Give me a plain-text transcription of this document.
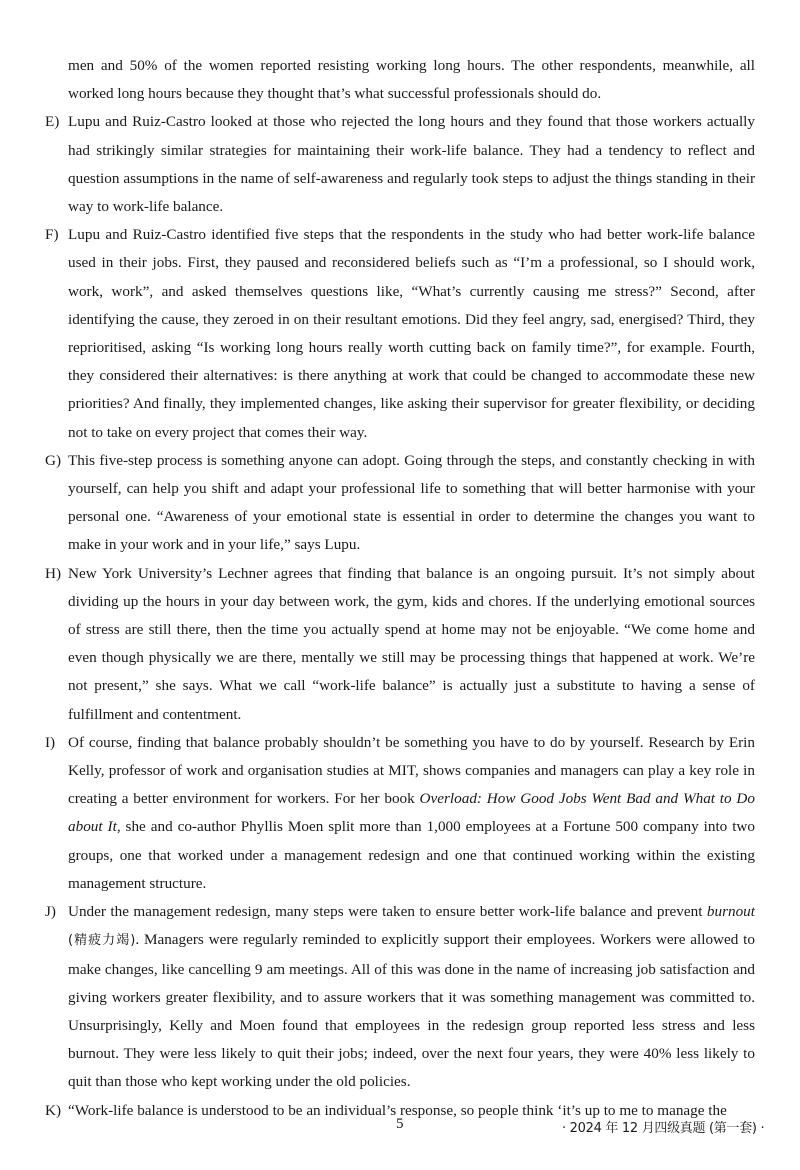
men and 50% of the women reported resisting working long hours. The other respondents, meanwhile, all worked long hours because they thought that’s what successful professionals should do.

E) Lupu and Ruiz-Castro looked at those who rejected the long hours and they found that those workers actually had strikingly similar strategies for maintaining their work-life balance. They had a tendency to reflect and question assumptions in the name of self-awareness and regularly took steps to adjust the things standing in their way to work-life balance.

F) Lupu and Ruiz-Castro identified five steps that the respondents in the study who had better work-life balance used in their jobs. First, they paused and reconsidered beliefs such as “I’m a professional, so I should work, work, work”, and asked themselves questions like, “What’s currently causing me stress?” Second, after identifying the cause, they zeroed in on their resultant emotions. Did they feel angry, sad, energised? Third, they reprioritised, asking “Is working long hours really worth cutting back on family time?”, for example. Fourth, they considered their alternatives: is there anything at work that could be changed to accommodate these new priorities? And finally, they implemented changes, like asking their supervisor for greater flexibility, or deciding not to take on every project that comes their way.

G) This five-step process is something anyone can adopt. Going through the steps, and constantly checking in with yourself, can help you shift and adapt your professional life to something that will better harmonise with your personal one. “Awareness of your emotional state is essential in order to determine the changes you want to make in your work and in your life,” says Lupu.

H) New York University’s Lechner agrees that finding that balance is an ongoing pursuit. It’s not simply about dividing up the hours in your day between work, the gym, kids and chores. If the underlying emotional sources of stress are still there, then the time you actually spend at home may not be enjoyable. “We come home and even though physically we are there, mentally we still may be processing things that happened at work. We’re not present,” she says. What we call “work-life balance” is actually just a substitute to having a sense of fulfillment and contentment.

I) Of course, finding that balance probably shouldn’t be something you have to do by yourself. Research by Erin Kelly, professor of work and organisation studies at MIT, shows companies and managers can play a key role in creating a better environment for workers. For her book Overload: How Good Jobs Went Bad and What to Do about It, she and co-author Phyllis Moen split more than 1,000 employees at a Fortune 500 company into two groups, one that worked under a management redesign and one that continued working within the existing management structure.

J) Under the management redesign, many steps were taken to ensure better work-life balance and prevent burnout (精疲力竭). Managers were regularly reminded to explicitly support their employees. Workers were allowed to make changes, like cancelling 9 am meetings. All of this was done in the name of increasing job satisfaction and giving workers greater flexibility, and to assure workers that it was something management was committed to. Unsurprisingly, Kelly and Moen found that employees in the redesign group reported less stress and less burnout. They were less likely to quit their jobs; indeed, over the next four years, they were 40% less likely to quit than those who kept working under the old policies.

K) “Work-life balance is understood to be an individual’s response, so people think ‘it’s up to me to manage the

5	· 2024 年 12 月四级真题 (第一套) ·
